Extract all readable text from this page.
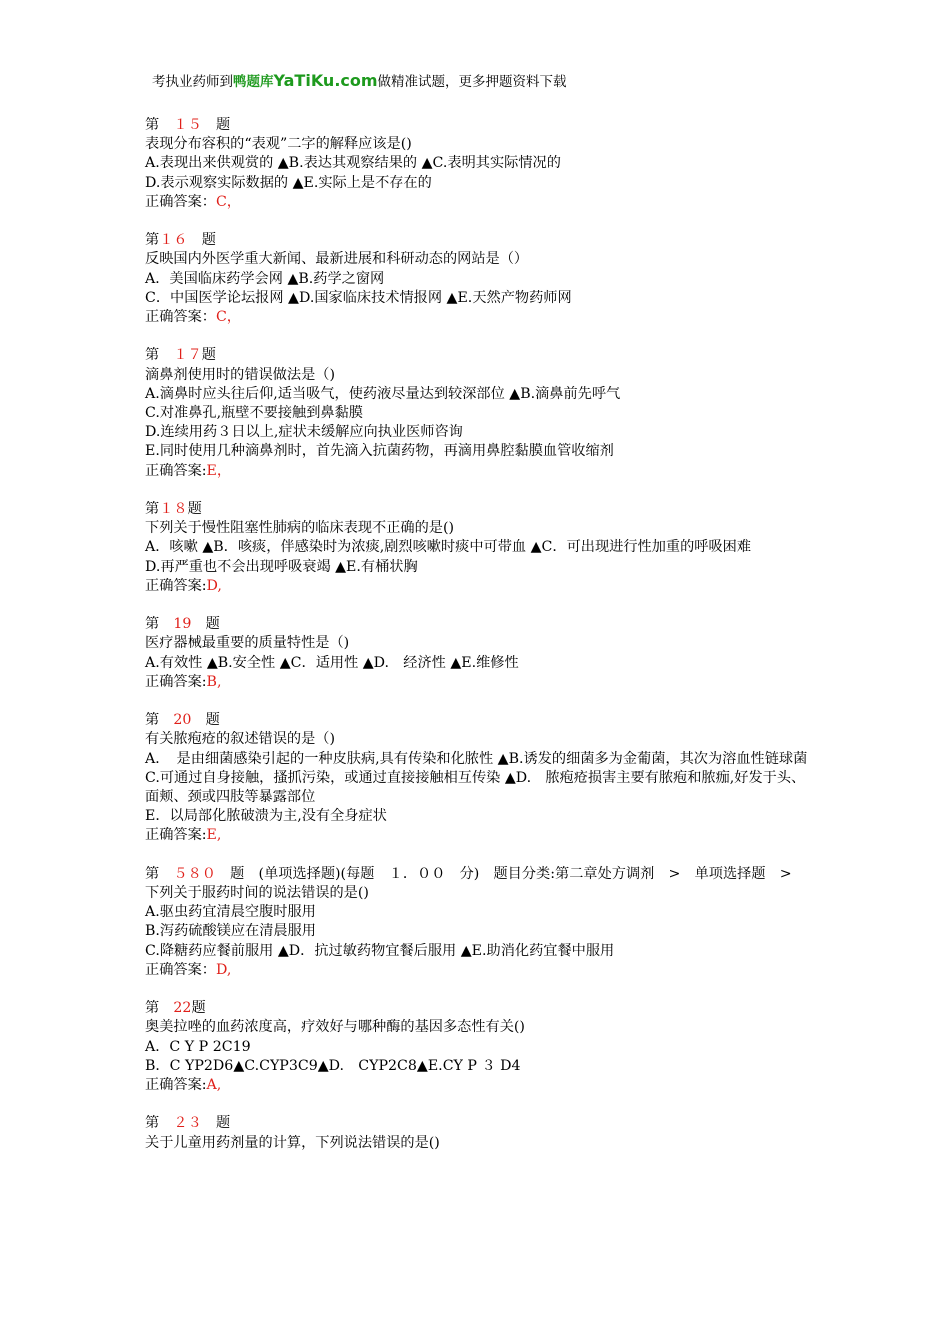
考执业药师到鸭题库YaTiKu.com做精准试题，更多押题资料下载
第　１５　题
表现分布容积的“表观”二字的解释应该是()
A.表现出来供观赏的 ▲B.表达其观察结果的 ▲C.表明其实际情况的
D.表示观察实际数据的 ▲E.实际上是不存在的
正确答案：C，
第１６　题
反映国内外医学重大新闻、最新进展和科研动态的网站是（）
A．美国临床药学会网 ▲B.药学之窗网
C．中国医学论坛报网 ▲D.国家临床技术情报网 ▲E.天然产物药师网
正确答案：C，
第　１７题
滴鼻剂使用时的错误做法是（)
A.滴鼻时应头往后仰,适当吸气，使药液尽量达到较深部位 ▲B.滴鼻前先呼气
C.对准鼻孔,瓶壁不要接触到鼻黏膜
D.连续用药３日以上,症状未缓解应向执业医师咨询
E.同时使用几种滴鼻剂时，首先滴入抗菌药物，再滴用鼻腔黏膜血管收缩剂
正确答案:E，
第１８题
下列关于慢性阻塞性肺病的临床表现不正确的是()
A．咳嗽 ▲B．咳痰，伴感染时为浓痰,剧烈咳嗽时痰中可带血 ▲C．可出现进行性加重的呼吸困难
D.再严重也不会出现呼吸衰竭 ▲E.有桶状胸
正确答案:D,
第　19　题
医疗器械最重要的质量特性是（)
A.有效性 ▲B.安全性 ▲C．适用性 ▲D.　经济性 ▲E.维修性
正确答案:B,
第　20　题
有关脓疱疮的叙述错误的是（)
A．　是由细菌感染引起的一种皮肤病,具有传染和化脓性 ▲B.诱发的细菌多为金葡菌，其次为溶血性链球菌
C.可通过自身接触，搔抓污染，或通过直接接触相互传染 ▲D.　脓疱疮损害主要有脓疱和脓痂,好发于头、面颊、颈或四肢等暴露部位
E．以局部化脓破溃为主,没有全身症状
正确答案:E,
第　５８０　题　(单项选择题)(每题　１．００　分)　题目分类:第二章处方调剂　>　单项选择题　>
下列关于服药时间的说法错误的是()
A.驱虫药宜清晨空腹时服用
B.泻药硫酸镁应在清晨服用
C.降糖药应餐前服用 ▲D．抗过敏药物宜餐后服用 ▲E.助消化药宜餐中服用
正确答案：D,
第　22题
奥美拉唑的血药浓度高，疗效好与哪种酶的基因多态性有关()
A．C Y P 2C19
B．C YP2D6▲C.CYP3C9▲D.　CYP2C8▲E.CY P ３ D4
正确答案:A,
第　２３　题
关于儿童用药剂量的计算，下列说法错误的是()
